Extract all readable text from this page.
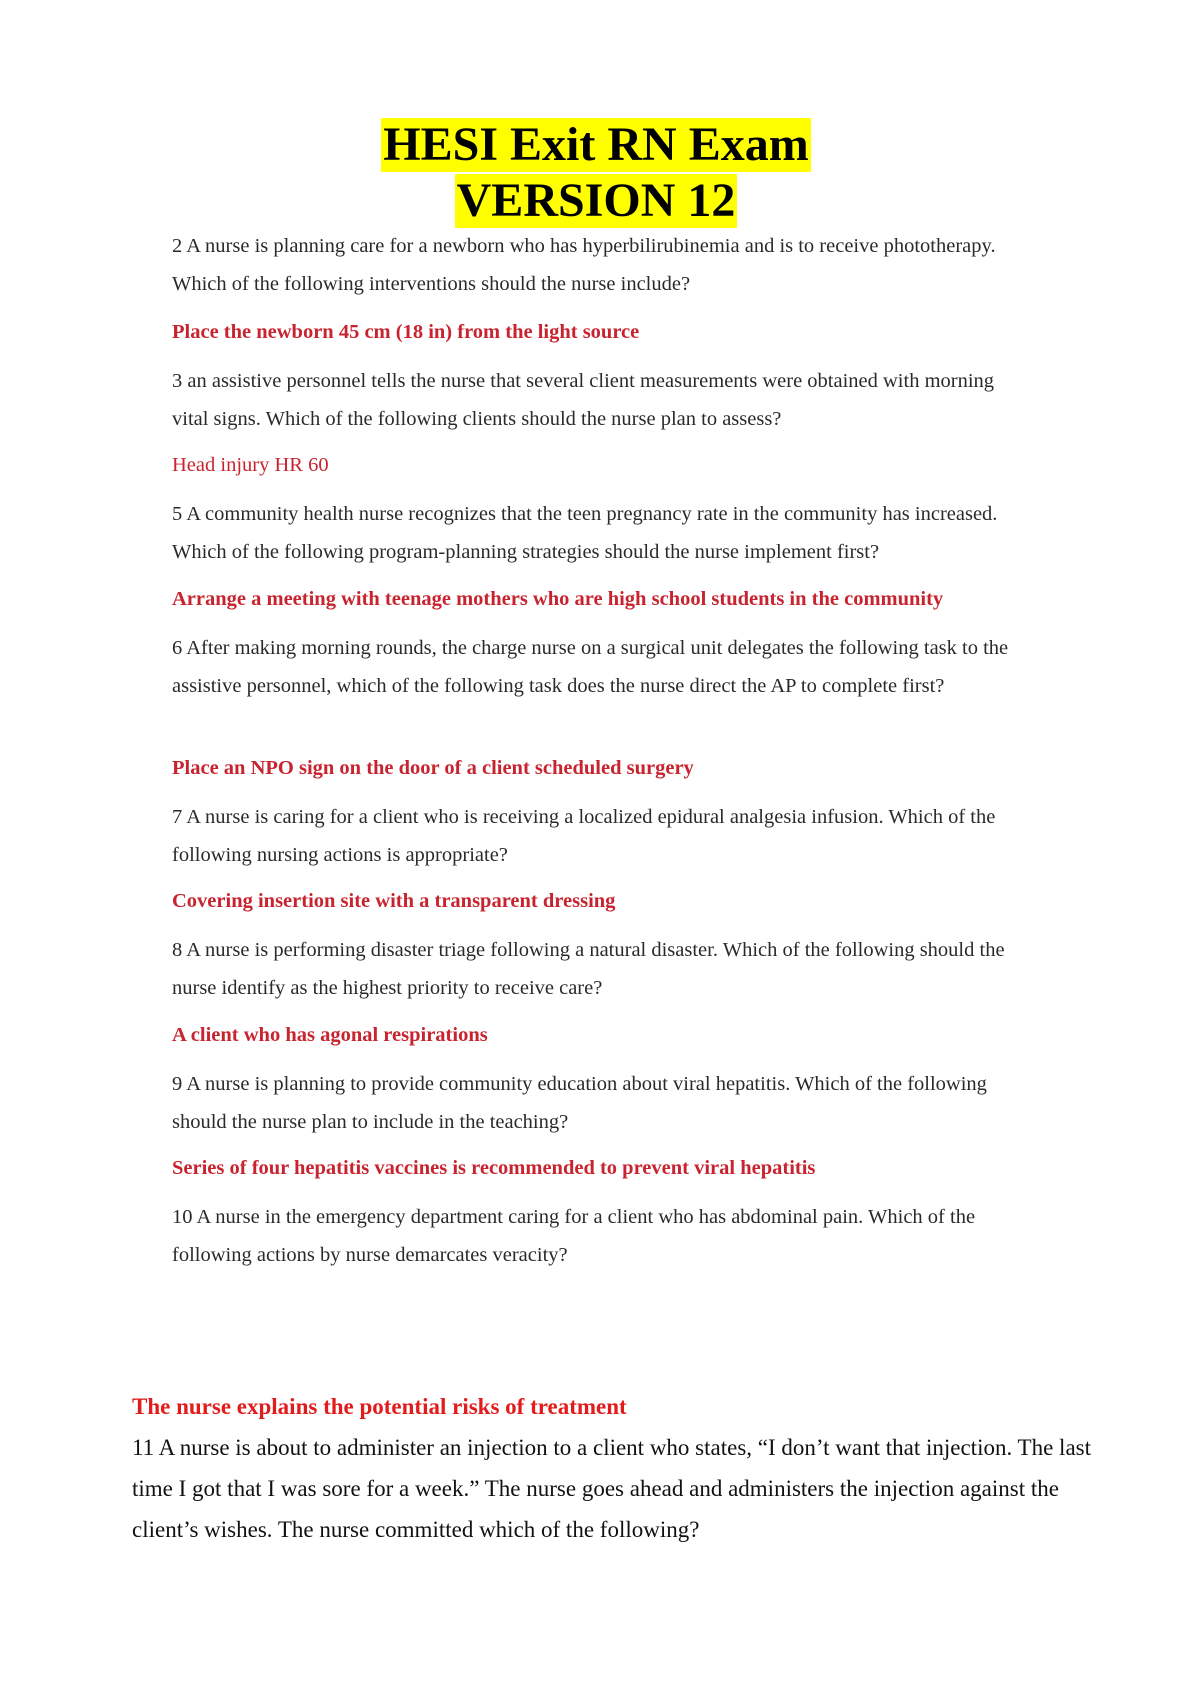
HESI Exit RN Exam
VERSION 12

2 A nurse is planning care for a newborn who has hyperbilirubinemia and is to receive phototherapy. Which of the following interventions should the nurse include?

Place the newborn 45 cm (18 in) from the light source

3 an assistive personnel tells the nurse that several client measurements were obtained with morning vital signs. Which of the following clients should the nurse plan to assess?

Head injury HR 60

5 A community health nurse recognizes that the teen pregnancy rate in the community has increased. Which of the following program-planning strategies should the nurse implement first?

Arrange a meeting with teenage mothers who are high school students in the community

6 After making morning rounds, the charge nurse on a surgical unit delegates the following task to the assistive personnel, which of the following task does the nurse direct the AP to complete first?

Place an NPO sign on the door of a client scheduled surgery

7 A nurse is caring for a client who is receiving a localized epidural analgesia infusion. Which of the following nursing actions is appropriate?

Covering insertion site with a transparent dressing

8 A nurse is performing disaster triage following a natural disaster. Which of the following should the nurse identify as the highest priority to receive care?

A client who has agonal respirations

9 A nurse is planning to provide community education about viral hepatitis. Which of the following should the nurse plan to include in the teaching?

Series of four hepatitis vaccines is recommended to prevent viral hepatitis

10 A nurse in the emergency department caring for a client who has abdominal pain. Which of the following actions by nurse demarcates veracity?

The nurse explains the potential risks of treatment

11 A nurse is about to administer an injection to a client who states, “I don’t want that injection. The last time I got that I was sore for a week.” The nurse goes ahead and administers the injection against the client’s wishes. The nurse committed which of the following?
